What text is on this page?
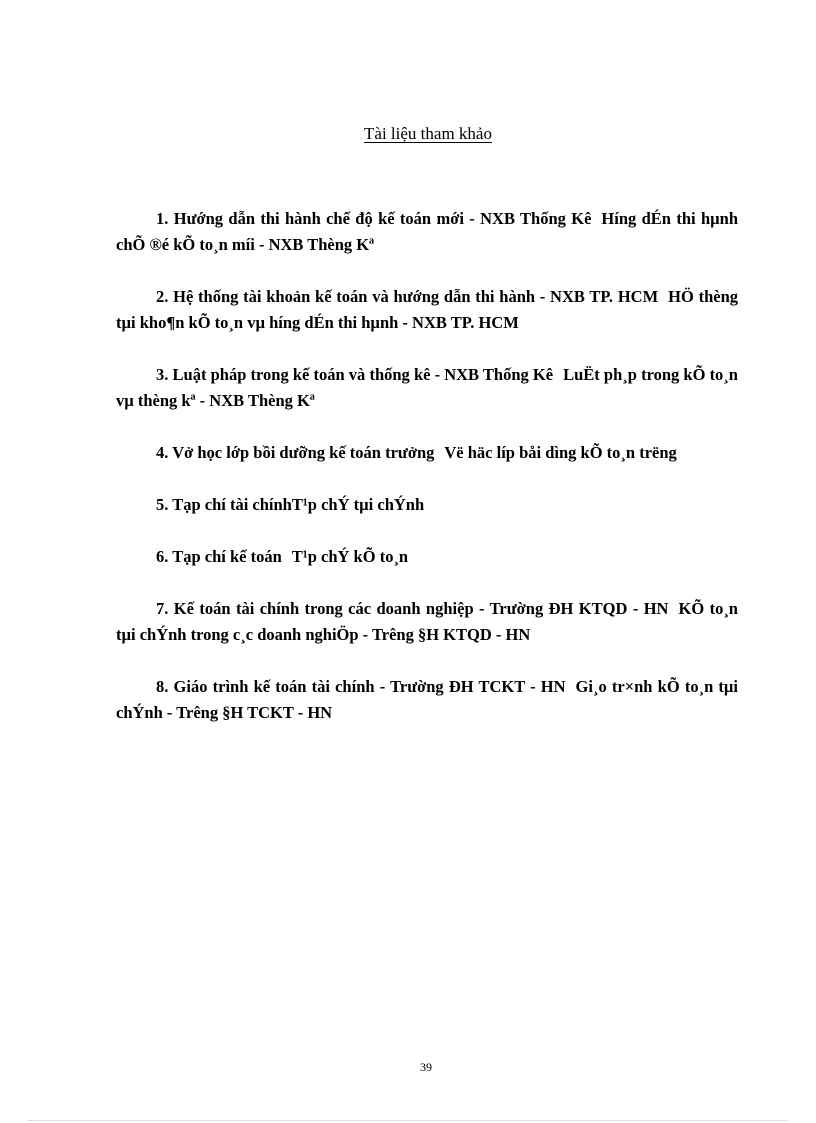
Tài liệu tham khảo

1. Hướng dẫn thi hành chế độ kế toán mới - NXB Thống Kê Híng dÉn thi hµnh chÕ ®é kÕ to¸n míi - NXB Thèng Kª

2. Hệ thống tài khoản kế toán và hướng dẫn thi hành - NXB TP. HCM HÖ thèng tµi kho¶n kÕ to¸n vµ híng dÉn thi hµnh - NXB TP. HCM

3. Luật pháp trong kế toán và thống kê - NXB Thống Kê LuËt ph¸p trong kÕ to¸n vµ thèng kª - NXB Thèng Kª

4. Vở học lớp bồi dưỡng kế toán trưởng Vë häc líp båi dìng kÕ to¸n trëng

5. Tạp chí tài chínhT¹p chÝ tµi chÝnh

6. Tạp chí kế toán T¹p chÝ kÕ to¸n

7. Kế toán tài chính trong các doanh nghiệp - Trường ĐH KTQD - HN KÕ to¸n tµi chÝnh trong c¸c doanh nghiÖp - Trêng §H KTQD - HN

8. Giáo trình kế toán tài chính - Trường ĐH TCKT - HN Gi¸o tr×nh kÕ to¸n tµi chÝnh - Trêng §H TCKT - HN

39
